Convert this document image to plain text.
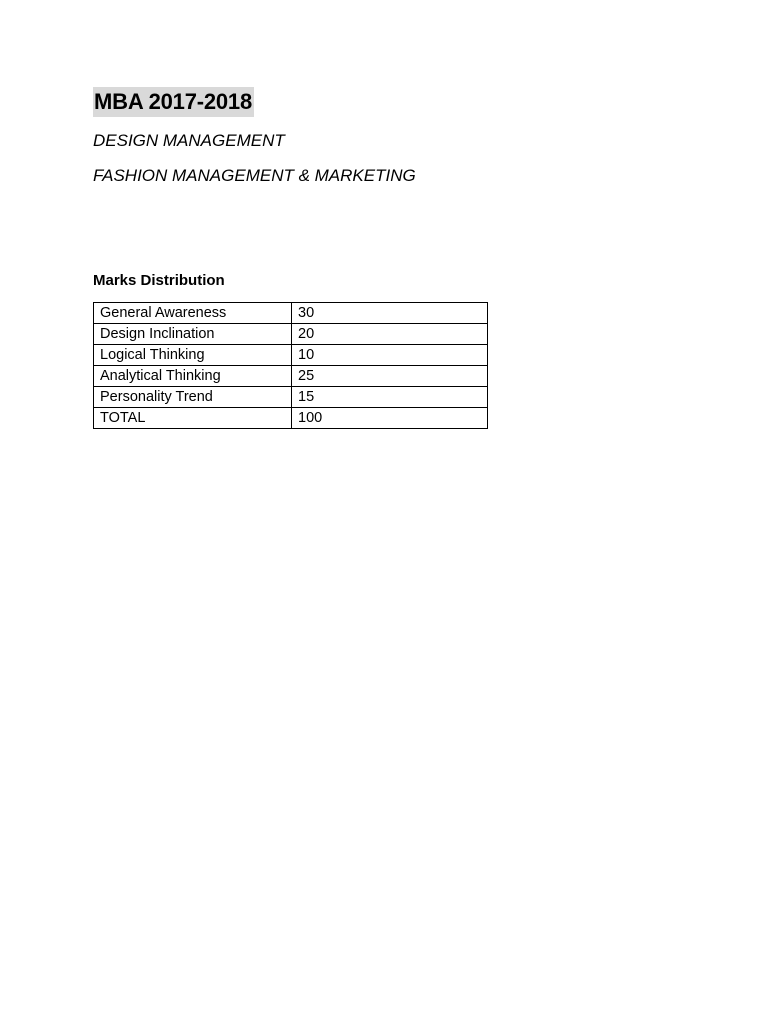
MBA 2017-2018
DESIGN MANAGEMENT
FASHION MANAGEMENT & MARKETING
Marks Distribution
General Awareness	30
Design Inclination	20
Logical Thinking	10
Analytical Thinking	25
Personality Trend	15
TOTAL	100
